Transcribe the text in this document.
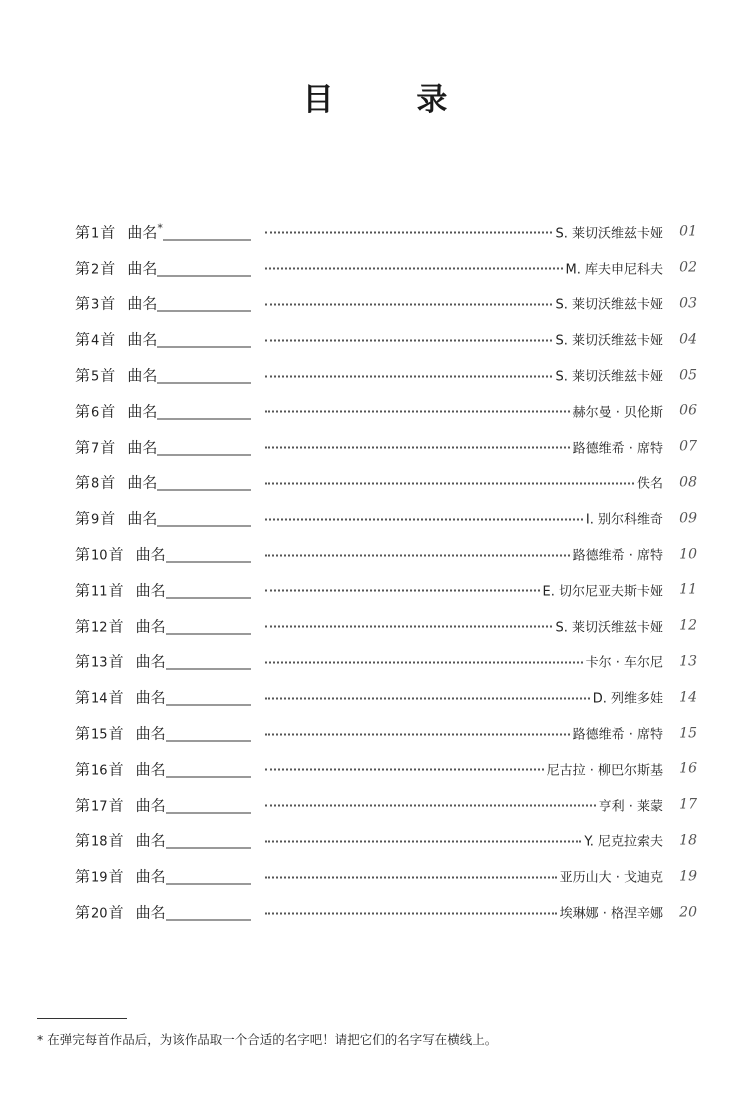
目 录
第1首 曲名*	S. 莱切沃维兹卡娅	01
第2首 曲名	M. 库夫申尼科夫	02
第3首 曲名	S. 莱切沃维兹卡娅	03
第4首 曲名	S. 莱切沃维兹卡娅	04
第5首 曲名	S. 莱切沃维兹卡娅	05
第6首 曲名	赫尔曼 · 贝伦斯	06
第7首 曲名	路德维希 · 席特	07
第8首 曲名	佚名	08
第9首 曲名	I. 别尔科维奇	09
第10首 曲名	路德维希 · 席特	10
第11首 曲名	E. 切尔尼亚夫斯卡娅	11
第12首 曲名	S. 莱切沃维兹卡娅	12
第13首 曲名	卡尔 · 车尔尼	13
第14首 曲名	D. 列维多娃	14
第15首 曲名	路德维希 · 席特	15
第16首 曲名	尼古拉 · 柳巴尔斯基	16
第17首 曲名	亨利 · 莱蒙	17
第18首 曲名	Y. 尼克拉索夫	18
第19首 曲名	亚历山大 · 戈迪克	19
第20首 曲名	埃琳娜 · 格涅辛娜	20
* 在弹完每首作品后，为该作品取一个合适的名字吧！请把它们的名字写在横线上。
